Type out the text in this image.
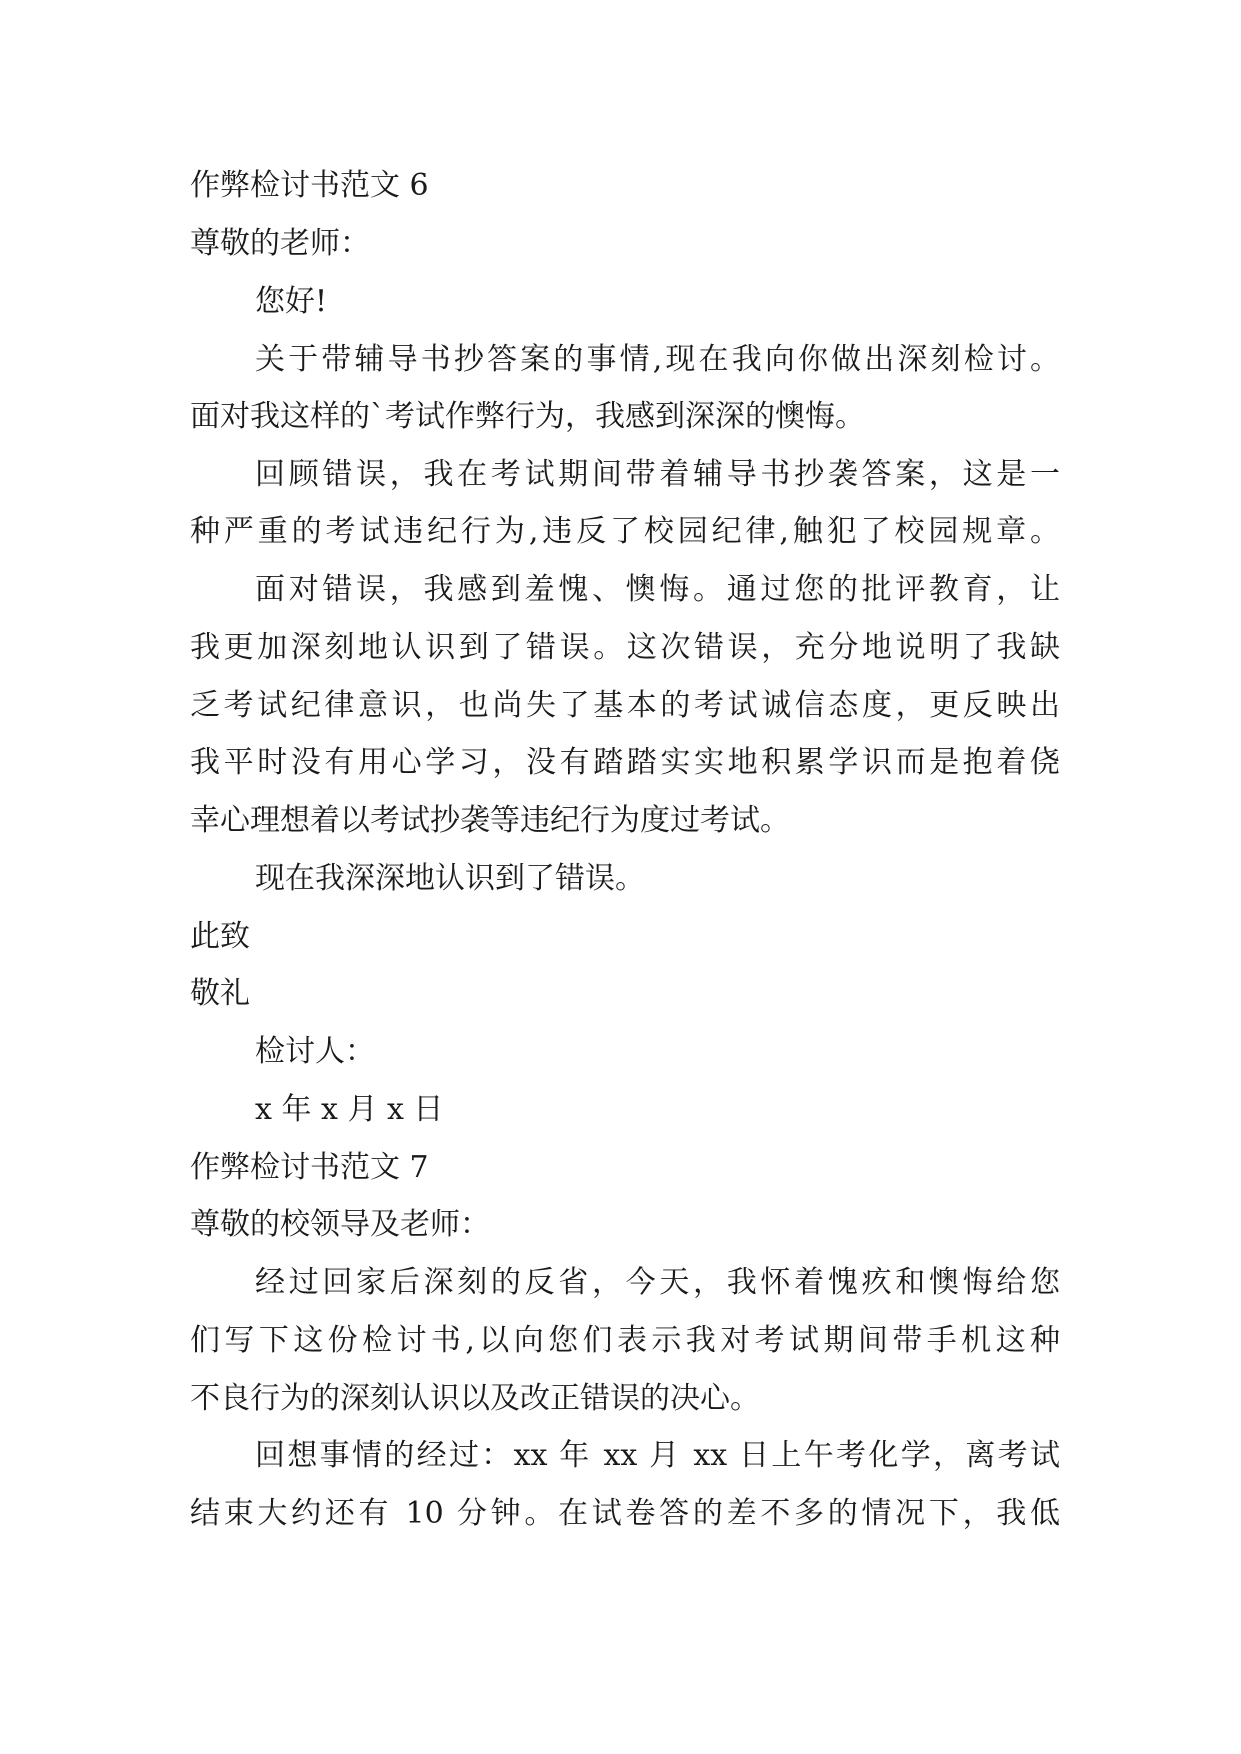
作弊检讨书范文 6
尊敬的老师：
您好!
关于带辅导书抄答案的事情,现在我向你做出深刻检讨。
面对我这样的`考试作弊行为，我感到深深的懊悔。
回顾错误，我在考试期间带着辅导书抄袭答案，这是一
种严重的考试违纪行为,违反了校园纪律,触犯了校园规章。
面对错误，我感到羞愧、懊悔。通过您的批评教育，让
我更加深刻地认识到了错误。这次错误，充分地说明了我缺
乏考试纪律意识，也尚失了基本的考试诚信态度，更反映出
我平时没有用心学习，没有踏踏实实地积累学识而是抱着侥
幸心理想着以考试抄袭等违纪行为度过考试。
现在我深深地认识到了错误。
此致
敬礼
检讨人：
x 年 x 月 x 日
作弊检讨书范文 7
尊敬的校领导及老师：
经过回家后深刻的反省，今天，我怀着愧疚和懊悔给您
们写下这份检讨书,以向您们表示我对考试期间带手机这种
不良行为的深刻认识以及改正错误的决心。
回想事情的经过：xx 年 xx 月 xx 日上午考化学，离考试
结束大约还有 10 分钟。在试卷答的差不多的情况下，我低
